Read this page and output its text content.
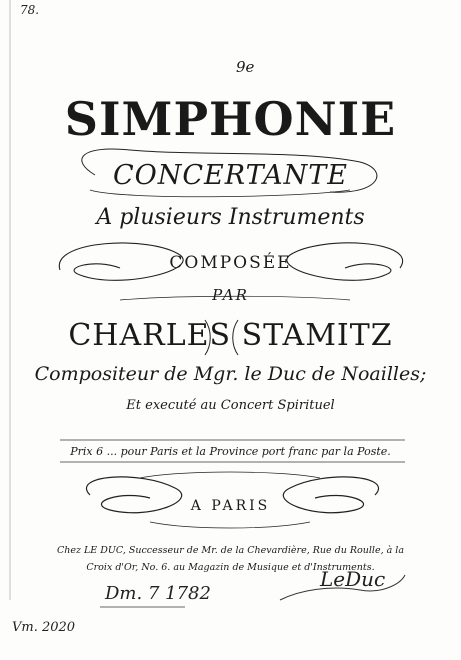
78.
9e
SIMPHONIE
CONCERTANTE
A plusieurs Instruments
COMPOSÉE
PAR
CHARLES STAMITZ
Compositeur de Mgr. le Duc de Noailles;
Et executé au Concert Spirituel
Prix 6 ... pour Paris et la Province port franc par la Poste.
A PARIS
Chez LE DUC, Successeur de Mr. de la Chevardière, Rue du Roulle, à la
Croix d'Or, No. 6. au Magazin de Musique et d'Instruments.
Dm. 7 1782
LeDuc
Vm. 2020
